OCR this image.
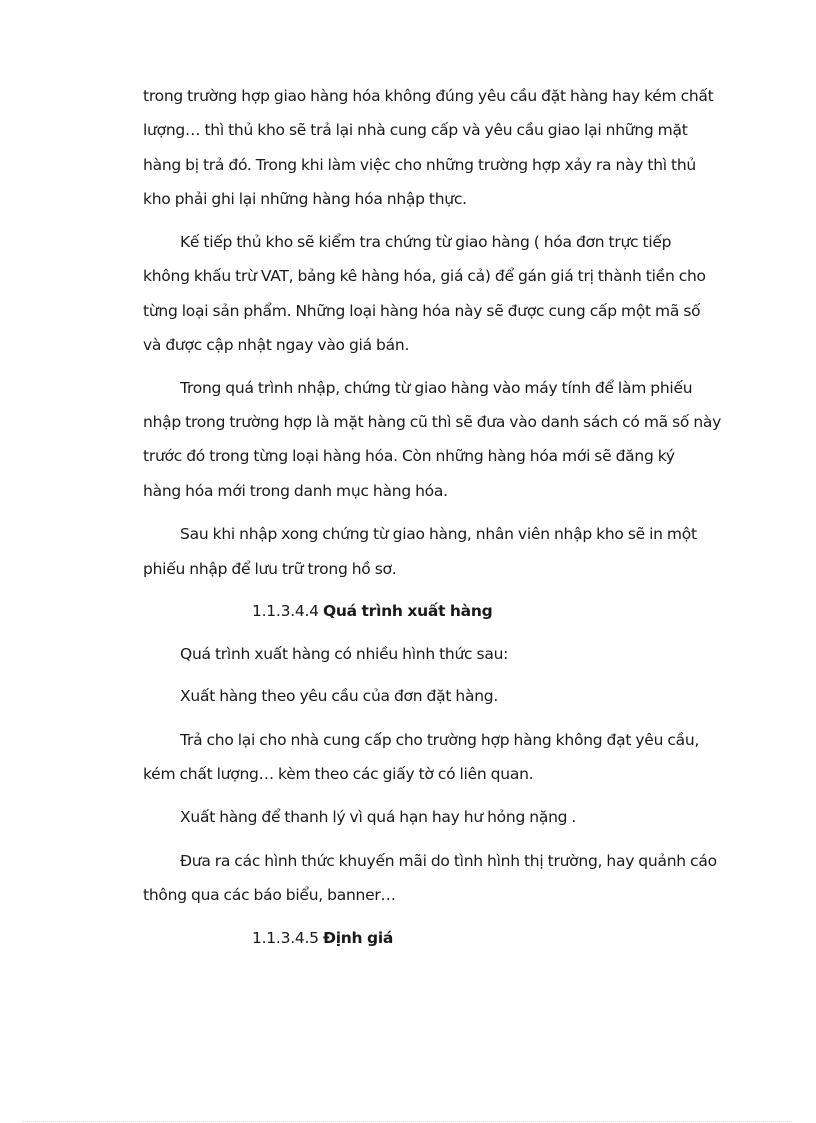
trong trường hợp giao hàng hóa không đúng yêu cầu đặt hàng hay kém chất

lượng… thì thủ kho sẽ trả lại nhà cung cấp và yêu cầu giao lại những mặt

hàng bị trả đó. Trong khi làm việc cho những trường hợp xảy ra này thì thủ

kho phải ghi lại những hàng hóa nhập thực.

Kế tiếp thủ kho sẽ kiểm tra chứng từ giao hàng ( hóa đơn trực tiếp

không khấu trừ VAT, bảng kê hàng hóa, giá cả) để gán giá trị thành tiền cho

từng loại sản phẩm. Những loại hàng hóa này sẽ được cung cấp một mã số

và được cập nhật ngay vào giá bán.

Trong quá trình nhập, chứng từ giao hàng vào máy tính để làm phiếu

nhập trong trường hợp là mặt hàng cũ thì sẽ đưa vào danh sách có mã số này

trước đó trong từng loại hàng hóa. Còn những hàng hóa mới sẽ đăng ký

hàng hóa mới trong danh mục hàng hóa.

Sau khi nhập xong chứng từ giao hàng, nhân viên nhập kho sẽ in một

phiếu nhập để lưu trữ trong hồ sơ.

1.1.3.4.4 Quá trình xuất hàng

Quá trình xuất hàng có nhiều hình thức sau:

Xuất hàng theo yêu cầu của đơn đặt hàng.

Trả cho lại cho nhà cung cấp cho trường hợp hàng không đạt yêu cầu,

kém chất lượng… kèm theo các giấy tờ có liên quan.

Xuất hàng để thanh lý vì quá hạn hay hư hỏng nặng .

Đưa ra các hình thức khuyến mãi do tình hình thị trường, hay quảnh cáo

thông qua các báo biểu, banner…

1.1.3.4.5 Định giá
